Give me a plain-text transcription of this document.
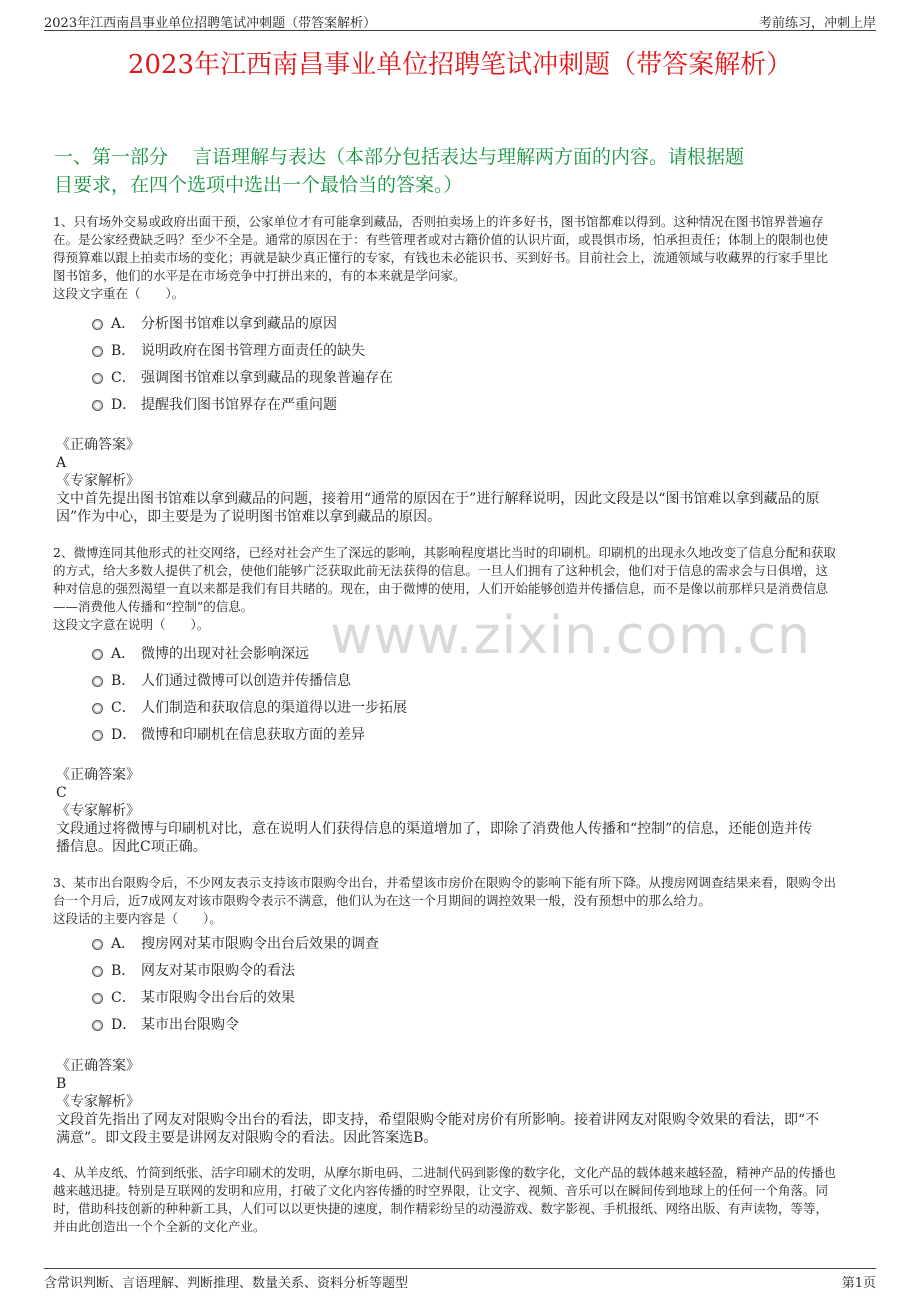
2023年江西南昌事业单位招聘笔试冲刺题（带答案解析）	考前练习，冲刺上岸
2023年江西南昌事业单位招聘笔试冲刺题（带答案解析）
一、第一部分　 言语理解与表达（本部分包括表达与理解两方面的内容。请根据题
目要求，在四个选项中选出一个最恰当的答案。）
www.zixin.com.cn

1、只有场外交易或政府出面干预，公家单位才有可能拿到藏品，否则拍卖场上的许多好书，图书馆都难以得到。这种情况在图书馆界普遍存

在。是公家经费缺乏吗？至少不全是。通常的原因在于：有些管理者或对古籍价值的认识片面，或畏惧市场，怕承担责任；体制上的限制也使

得预算难以跟上拍卖市场的变化；再就是缺少真正懂行的专家，有钱也未必能识书、买到好书。目前社会上，流通领域与收藏界的行家手里比

图书馆多，他们的水平是在市场竞争中打拼出来的，有的本来就是学问家。

这段文字重在（　　）。

A． 分析图书馆难以拿到藏品的原因
B． 说明政府在图书管理方面责任的缺失
C． 强调图书馆难以拿到藏品的现象普遍存在
D． 提醒我们图书馆界存在严重问题
《正确答案》
A
《专家解析》
文中首先提出图书馆难以拿到藏品的问题，接着用“通常的原因在于”进行解释说明，因此文段是以“图书馆难以拿到藏品的原
因”作为中心，即主要是为了说明图书馆难以拿到藏品的原因。

2、微博连同其他形式的社交网络，已经对社会产生了深远的影响，其影响程度堪比当时的印刷机。印刷机的出现永久地改变了信息分配和获取

的方式，给大多数人提供了机会，使他们能够广泛获取此前无法获得的信息。一旦人们拥有了这种机会，他们对于信息的需求会与日俱增，这

种对信息的强烈渴望一直以来都是我们有目共睹的。现在，由于微博的使用，人们开始能够创造并传播信息，而不是像以前那样只是消费信息

——消费他人传播和“控制”的信息。

这段文字意在说明（　　）。

A． 微博的出现对社会影响深远
B． 人们通过微博可以创造并传播信息
C． 人们制造和获取信息的渠道得以进一步拓展
D． 微博和印刷机在信息获取方面的差异
《正确答案》
C
《专家解析》
文段通过将微博与印刷机对比，意在说明人们获得信息的渠道增加了，即除了消费他人传播和“控制”的信息，还能创造并传
播信息。因此C项正确。

3、某市出台限购令后，不少网友表示支持该市限购令出台，并希望该市房价在限购令的影响下能有所下降。从搜房网调查结果来看，限购令出

台一个月后，近7成网友对该市限购令表示不满意，他们认为在这一个月期间的调控效果一般，没有预想中的那么给力。

这段话的主要内容是（　　）。

A． 搜房网对某市限购令出台后效果的调查
B． 网友对某市限购令的看法
C． 某市限购令出台后的效果
D． 某市出台限购令
《正确答案》
B
《专家解析》
文段首先指出了网友对限购令出台的看法，即支持，希望限购令能对房价有所影响。接着讲网友对限购令效果的看法，即“不
满意”。即文段主要是讲网友对限购令的看法。因此答案选B。

4、从羊皮纸、竹简到纸张、活字印刷术的发明，从摩尔斯电码、二进制代码到影像的数字化，文化产品的载体越来越轻盈，精神产品的传播也

越来越迅捷。特别是互联网的发明和应用，打破了文化内容传播的时空界限，让文字、视频、音乐可以在瞬间传到地球上的任何一个角落。同

时，借助科技创新的种种新工具，人们可以以更快捷的速度，制作精彩纷呈的动漫游戏、数字影视、手机报纸、网络出版、有声读物，等等，

并由此创造出一个个全新的文化产业。

含常识判断、言语理解、判断推理、数量关系、资料分析等题型	第1页
